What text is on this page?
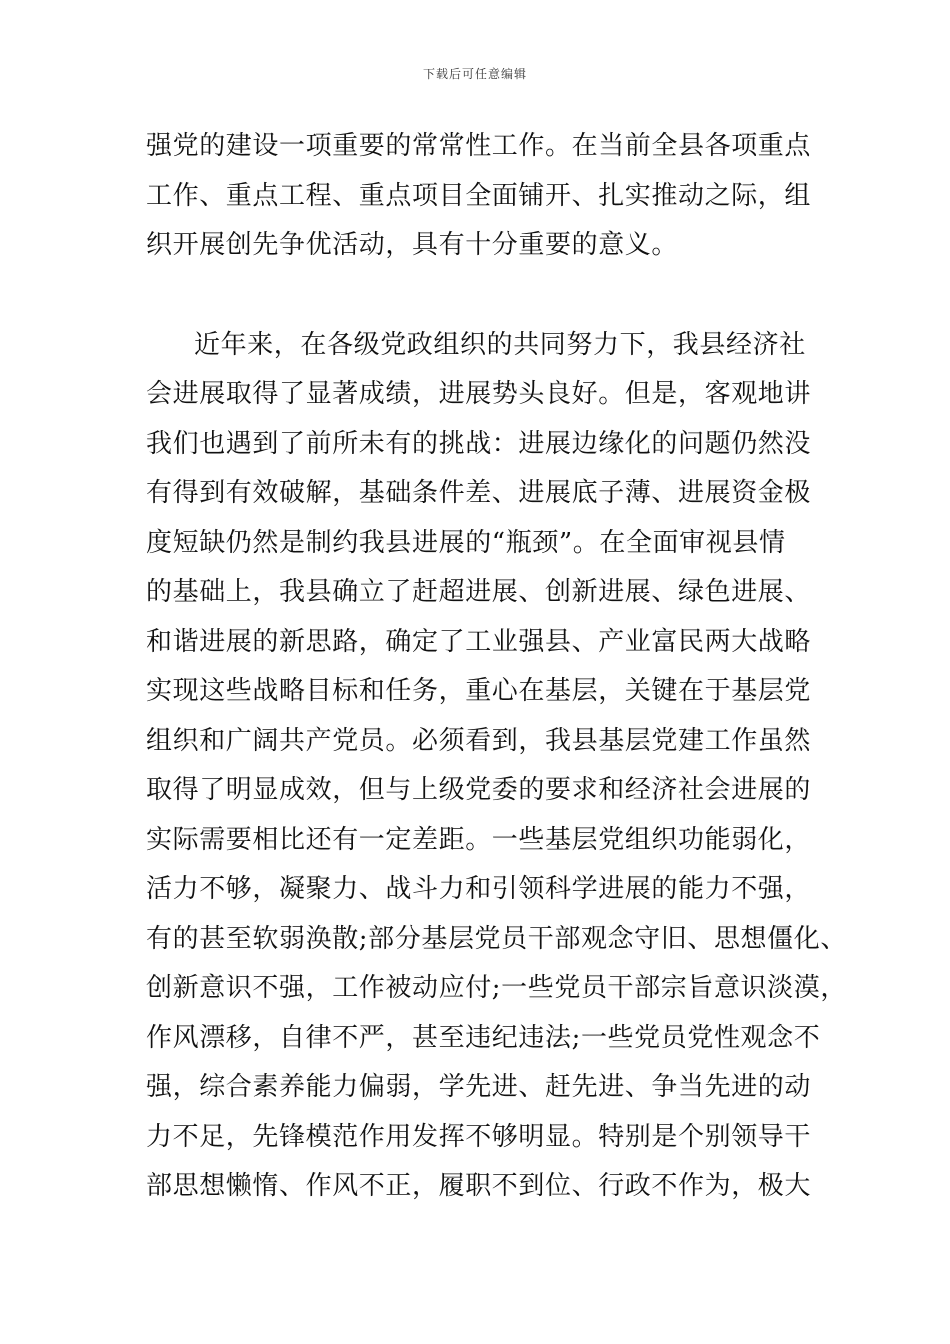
下载后可任意编辑
强党的建设一项重要的常常性工作。在当前全县各项重点
工作、重点工程、重点项目全面铺开、扎实推动之际，组
织开展创先争优活动，具有十分重要的意义。
近年来，在各级党政组织的共同努力下，我县经济社
会进展取得了显著成绩，进展势头良好。但是，客观地讲
我们也遇到了前所未有的挑战：进展边缘化的问题仍然没
有得到有效破解，基础条件差、进展底子薄、进展资金极
度短缺仍然是制约我县进展的“瓶颈”。在全面审视县情
的基础上，我县确立了赶超进展、创新进展、绿色进展、
和谐进展的新思路，确定了工业强县、产业富民两大战略
实现这些战略目标和任务，重心在基层，关键在于基层党
组织和广阔共产党员。必须看到，我县基层党建工作虽然
取得了明显成效，但与上级党委的要求和经济社会进展的
实际需要相比还有一定差距。一些基层党组织功能弱化，
活力不够，凝聚力、战斗力和引领科学进展的能力不强，
有的甚至软弱涣散;部分基层党员干部观念守旧、思想僵化、
创新意识不强，工作被动应付;一些党员干部宗旨意识淡漠，
作风漂移，自律不严，甚至违纪违法;一些党员党性观念不
强，综合素养能力偏弱，学先进、赶先进、争当先进的动
力不足，先锋模范作用发挥不够明显。特别是个别领导干
部思想懒惰、作风不正，履职不到位、行政不作为，极大
